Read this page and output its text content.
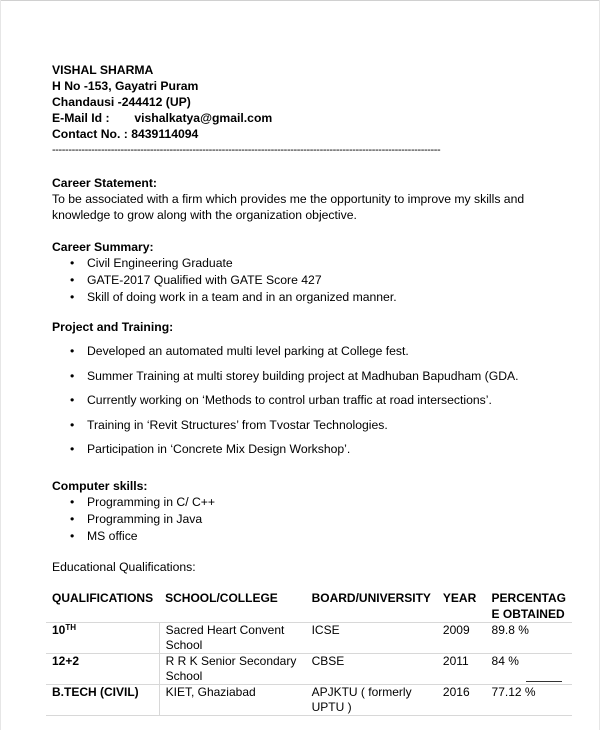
VISHAL SHARMA
H No -153, Gayatri Puram
Chandausi -244412 (UP)
E-Mail Id : vishalkatya@gmail.com
Contact No. : 8439114094
-----------------------------------------------------------------------------------------------------------------------
Career Statement:

To be associated with a firm which provides me the opportunity to improve my skills and knowledge to grow along with the organization objective.

Career Summary:
• Civil Engineering Graduate
• GATE-2017 Qualified with GATE Score 427
• Skill of doing work in a team and in an organized manner.
Project and Training:
• Developed an automated multi level parking at College fest.
• Summer Training at multi storey building project at Madhuban Bapudham (GDA.
• Currently working on ‘Methods to control urban traffic at road intersections’.
• Training in ‘Revit Structures’ from Tvostar Technologies.
• Participation in ‘Concrete Mix Design Workshop’.
Computer skills:
• Programming in C/ C++
• Programming in Java
• MS office
Educational Qualifications:
QUALIFICATIONS	SCHOOL/COLLEGE	BOARD/UNIVERSITY	YEAR	PERCENTAG
E OBTAINED
10TH	Sacred Heart Convent School	ICSE	2009	89.8 %
12+2	R R K Senior Secondary School	CBSE	2011	84 %
B.TECH (CIVIL)	KIET, Ghaziabad	APJKTU ( formerly UPTU )	2016	77.12 %
